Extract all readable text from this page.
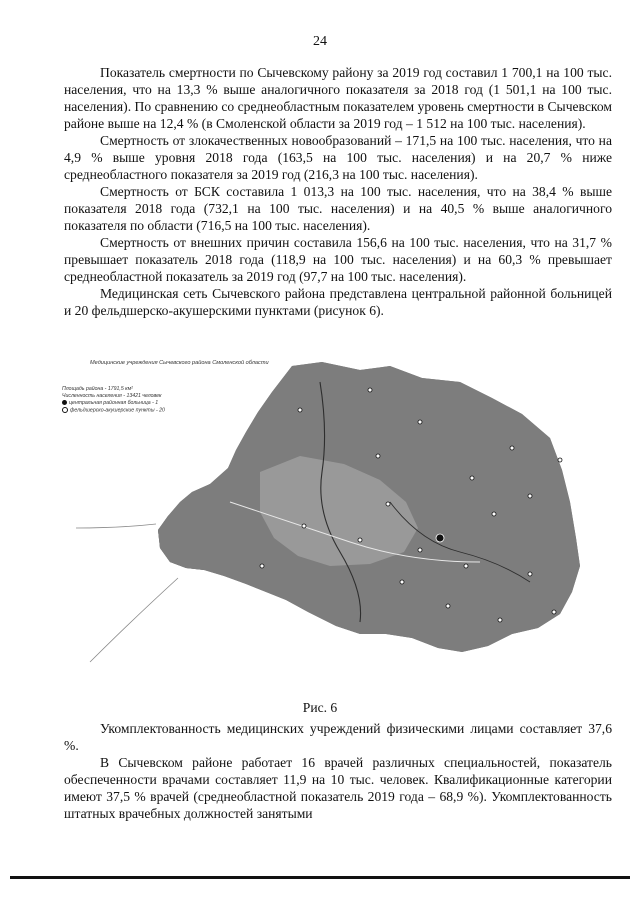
24

Показатель смертности по Сычевскому району за 2019 год составил 1 700,1 на 100 тыс. населения, что на 13,3 % выше аналогичного показателя за 2018 год (1 501,1 на 100 тыс. населения). По сравнению со среднеобластным показателем уровень смертности в Сычевском районе выше на 12,4 % (в Смоленской области за 2019 год – 1 512 на 100 тыс. населения).

Смертность от злокачественных новообразований – 171,5 на 100 тыс. населения, что на 4,9 % выше уровня 2018 года (163,5 на 100 тыс. населения) и на 20,7 % ниже среднеобластного показателя за 2019 год (216,3 на 100 тыс. населения).

Смертность от БСК составила 1 013,3 на 100 тыс. населения, что на 38,4 % выше показателя 2018 года (732,1 на 100 тыс. населения) и на 40,5 % выше аналогичного показателя по области (716,5 на 100 тыс. населения).

Смертность от внешних причин составила 156,6 на 100 тыс. населения, что на 31,7 % превышает показатель 2018 года (118,9 на 100 тыс. населения) и на 60,3 % превышает среднеобластной показатель за 2019 год (97,7 на 100 тыс. населения).

Медицинская сеть Сычевского района представлена центральной районной больницей и 20 фельдшерско-акушерскими пунктами (рисунок 6).

Медицинские учреждения Сычевского района Смоленской области
Площадь района - 1791,5 км²
Численность населения - 13421 человек
центральная районная больница - 1
фельдшерско-акушерские пункты - 20
Рис. 6

Укомплектованность медицинских учреждений физическими лицами составляет 37,6 %.

В Сычевском районе работает 16 врачей различных специальностей, показатель обеспеченности врачами составляет 11,9 на 10 тыс. человек. Квалификационные категории имеют 37,5 % врачей (среднеобластной показатель 2019 года – 68,9 %). Укомплектованность штатных врачебных должностей занятыми
